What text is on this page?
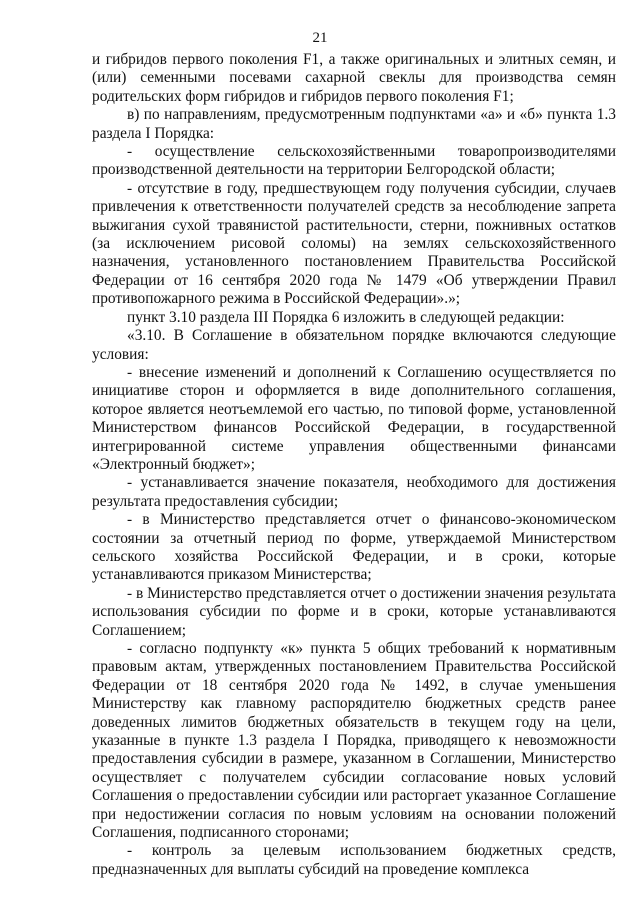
21

и гибридов первого поколения F1, а также оригинальных и элитных семян, и (или) семенными посевами сахарной свеклы для производства семян родительских форм гибридов и гибридов первого поколения F1;

в) по направлениям, предусмотренным подпунктами «а» и «б» пункта 1.3 раздела I Порядка:

- осуществление сельскохозяйственными товаропроизводителями производственной деятельности на территории Белгородской области;

- отсутствие в году, предшествующем году получения субсидии, случаев привлечения к ответственности получателей средств за несоблюдение запрета выжигания сухой травянистой растительности, стерни, пожнивных остатков (за исключением рисовой соломы) на землях сельскохозяйственного назначения, установленного постановлением Правительства Российской Федерации от 16 сентября 2020 года № 1479 «Об утверждении Правил противопожарного режима в Российской Федерации».»;

пункт 3.10 раздела III Порядка 6 изложить в следующей редакции:

«3.10. В Соглашение в обязательном порядке включаются следующие условия:

- внесение изменений и дополнений к Соглашению осуществляется по инициативе сторон и оформляется в виде дополнительного соглашения, которое является неотъемлемой его частью, по типовой форме, установленной Министерством финансов Российской Федерации, в государственной интегрированной системе управления общественными финансами «Электронный бюджет»;

- устанавливается значение показателя, необходимого для достижения результата предоставления субсидии;

- в Министерство представляется отчет о финансово-экономическом состоянии за отчетный период по форме, утверждаемой Министерством сельского хозяйства Российской Федерации, и в сроки, которые устанавливаются приказом Министерства;

- в Министерство представляется отчет о достижении значения результата использования субсидии по форме и в сроки, которые устанавливаются Соглашением;

- согласно подпункту «к» пункта 5 общих требований к нормативным правовым актам, утвержденных постановлением Правительства Российской Федерации от 18 сентября 2020 года № 1492, в случае уменьшения Министерству как главному распорядителю бюджетных средств ранее доведенных лимитов бюджетных обязательств в текущем году на цели, указанные в пункте 1.3 раздела I Порядка, приводящего к невозможности предоставления субсидии в размере, указанном в Соглашении, Министерство осуществляет с получателем субсидии согласование новых условий Соглашения о предоставлении субсидии или расторгает указанное Соглашение при недостижении согласия по новым условиям на основании положений Соглашения, подписанного сторонами;

- контроль за целевым использованием бюджетных средств, предназначенных для выплаты субсидий на проведение комплекса
